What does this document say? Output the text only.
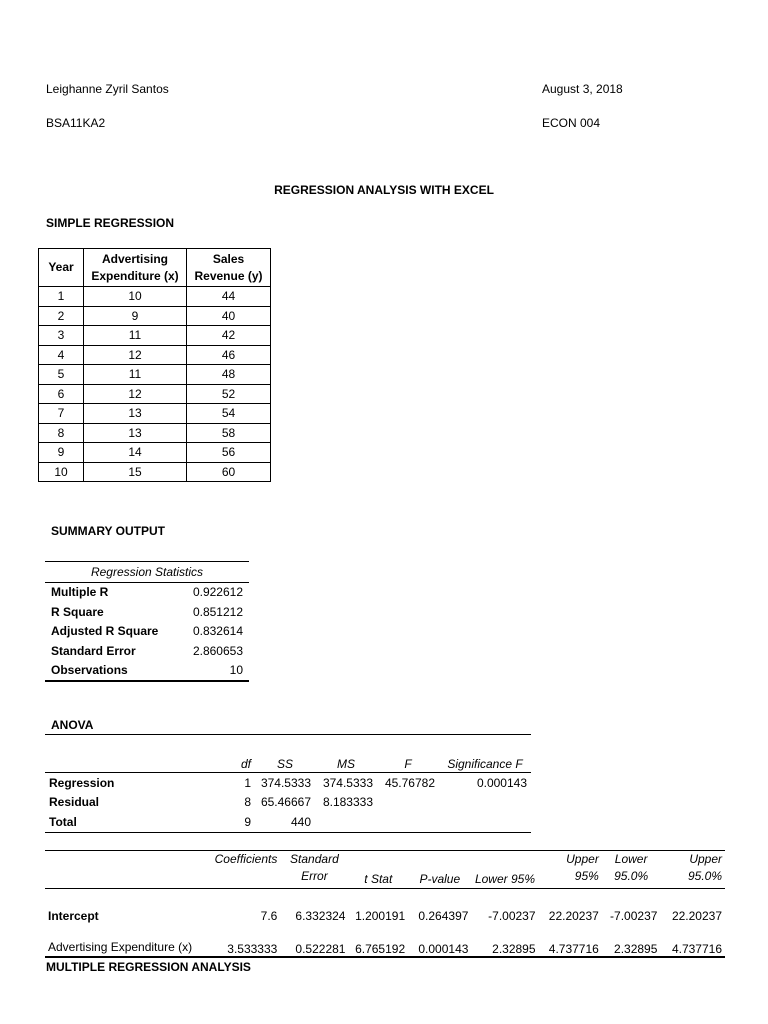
Leighanne Zyril Santos	August 3, 2018
BSA11KA2	ECON 004
REGRESSION ANALYSIS WITH EXCEL
SIMPLE REGRESSION
Year	Advertising Expenditure (x)	Sales Revenue (y)
1	10	44
2	9	40
3	11	42
4	12	46
5	11	48
6	12	52
7	13	54
8	13	58
9	14	56
10	15	60
SUMMARY OUTPUT
Regression Statistics	
Multiple R	0.922612
R Square	0.851212
Adjusted R Square	0.832614
Standard Error	2.860653
Observations	10
ANOVA
	df	SS	MS	F	Significance F
Regression	1	374.5333	374.5333	45.76782	0.000143
Residual	8	65.46667	8.183333		
Total	9	440			
	Coefficients	Standard Error	t Stat	P-value	Lower 95%	Upper 95%	Lower 95.0%	Upper 95.0%
Intercept	7.6	6.332324	1.200191	0.264397	-7.00237	22.20237	-7.00237	22.20237
Advertising Expenditure (x)	3.533333	0.522281	6.765192	0.000143	2.32895	4.737716	2.32895	4.737716
MULTIPLE REGRESSION ANALYSIS
